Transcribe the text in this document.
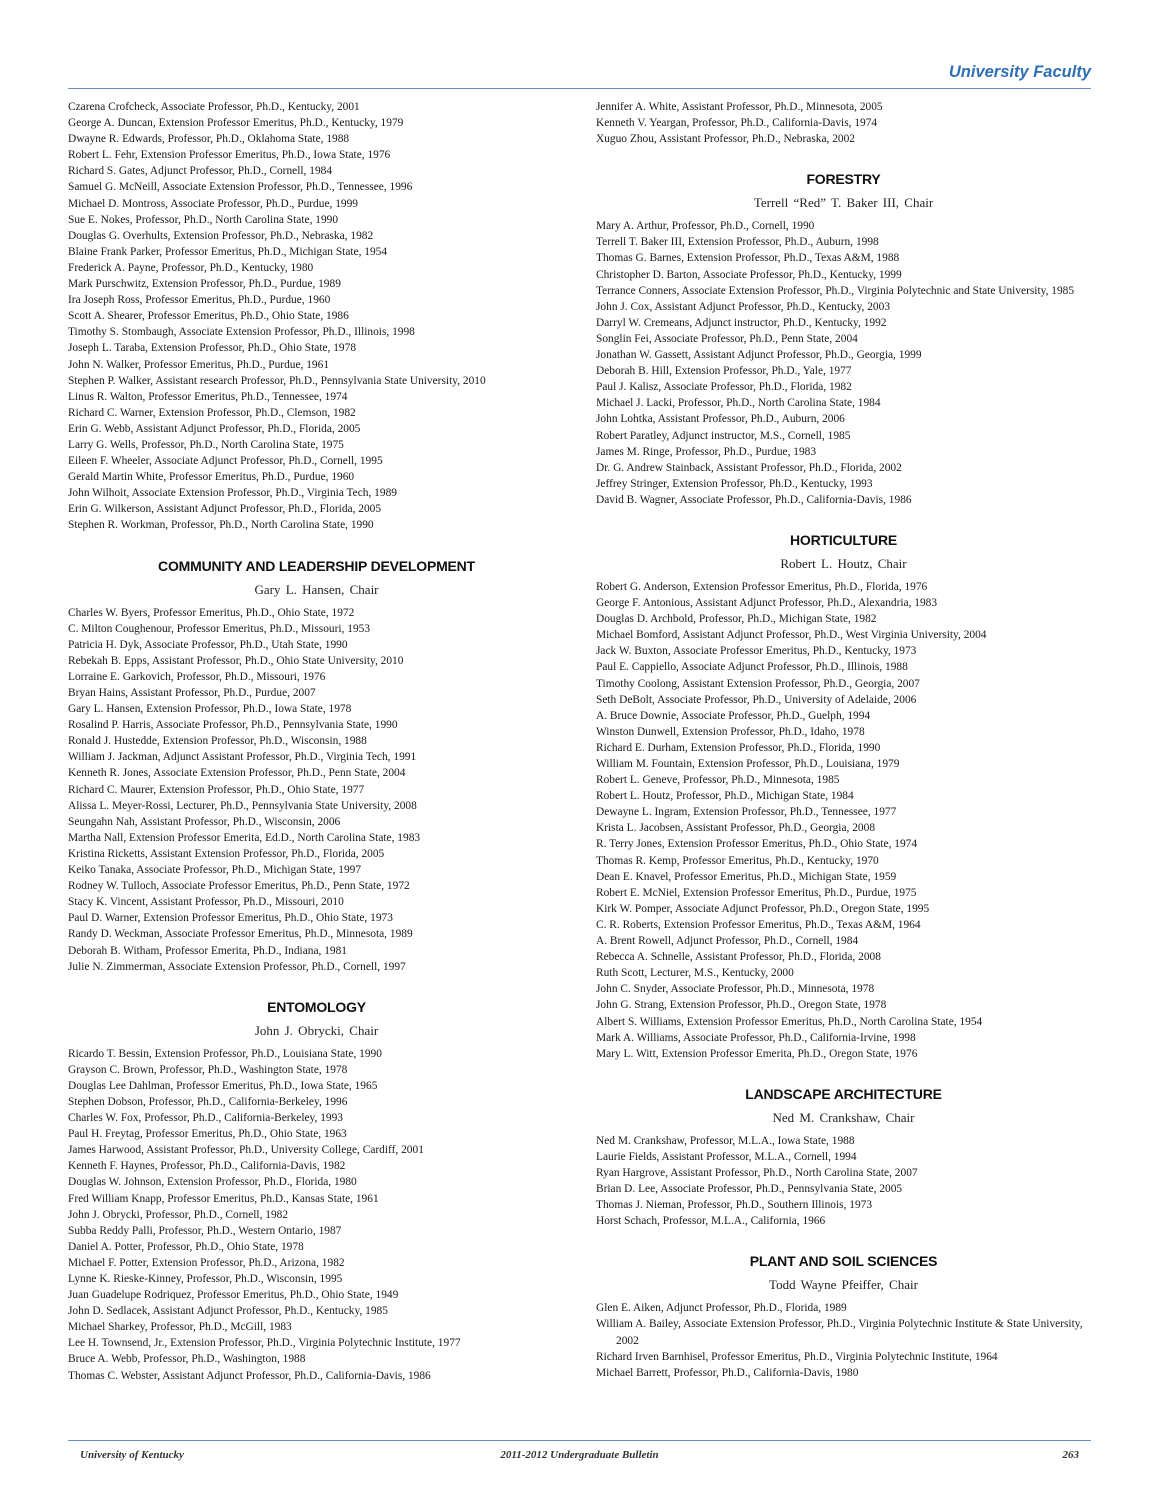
University Faculty
Czarena Crofcheck, Associate Professor, Ph.D., Kentucky, 2001
George A. Duncan, Extension Professor Emeritus, Ph.D., Kentucky, 1979
Dwayne R. Edwards, Professor, Ph.D., Oklahoma State, 1988
Robert L. Fehr, Extension Professor Emeritus, Ph.D., Iowa State, 1976
Richard S. Gates, Adjunct Professor, Ph.D., Cornell, 1984
Samuel G. McNeill, Associate Extension Professor, Ph.D., Tennessee, 1996
Michael D. Montross, Associate Professor, Ph.D., Purdue, 1999
Sue E. Nokes, Professor, Ph.D., North Carolina State, 1990
Douglas G. Overhults, Extension Professor, Ph.D., Nebraska, 1982
Blaine Frank Parker, Professor Emeritus, Ph.D., Michigan State, 1954
Frederick A. Payne, Professor, Ph.D., Kentucky, 1980
Mark Purschwitz, Extension Professor, Ph.D., Purdue, 1989
Ira Joseph Ross, Professor Emeritus, Ph.D., Purdue, 1960
Scott A. Shearer, Professor Emeritus, Ph.D., Ohio State, 1986
Timothy S. Stombaugh, Associate Extension Professor, Ph.D., Illinois, 1998
Joseph L. Taraba, Extension Professor, Ph.D., Ohio State, 1978
John N. Walker, Professor Emeritus, Ph.D., Purdue, 1961
Stephen P. Walker, Assistant research Professor, Ph.D., Pennsylvania State University, 2010
Linus R. Walton, Professor Emeritus, Ph.D., Tennessee, 1974
Richard C. Warner, Extension Professor, Ph.D., Clemson, 1982
Erin G. Webb, Assistant Adjunct Professor, Ph.D., Florida, 2005
Larry G. Wells, Professor, Ph.D., North Carolina State, 1975
Eileen F. Wheeler, Associate Adjunct Professor, Ph.D., Cornell, 1995
Gerald Martin White, Professor Emeritus, Ph.D., Purdue, 1960
John Wilhoit, Associate Extension Professor, Ph.D., Virginia Tech, 1989
Erin G. Wilkerson, Assistant Adjunct Professor, Ph.D., Florida, 2005
Stephen R. Workman, Professor, Ph.D., North Carolina State, 1990
COMMUNITY AND LEADERSHIP DEVELOPMENT
Gary L. Hansen, Chair
Charles W. Byers, Professor Emeritus, Ph.D., Ohio State, 1972
C. Milton Coughenour, Professor Emeritus, Ph.D., Missouri, 1953
Patricia H. Dyk, Associate Professor, Ph.D., Utah State, 1990
Rebekah B. Epps, Assistant Professor, Ph.D., Ohio State University, 2010
Lorraine E. Garkovich, Professor, Ph.D., Missouri, 1976
Bryan Hains, Assistant Professor, Ph.D., Purdue, 2007
Gary L. Hansen, Extension Professor, Ph.D., Iowa State, 1978
Rosalind P. Harris, Associate Professor, Ph.D., Pennsylvania State, 1990
Ronald J. Hustedde, Extension Professor, Ph.D., Wisconsin, 1988
William J. Jackman, Adjunct Assistant Professor, Ph.D., Virginia Tech, 1991
Kenneth R. Jones, Associate Extension Professor, Ph.D., Penn State, 2004
Richard C. Maurer, Extension Professor, Ph.D., Ohio State, 1977
Alissa L. Meyer-Rossi, Lecturer, Ph.D., Pennsylvania State University, 2008
Seungahn Nah, Assistant Professor, Ph.D., Wisconsin, 2006
Martha Nall, Extension Professor Emerita, Ed.D., North Carolina State, 1983
Kristina Ricketts, Assistant Extension Professor, Ph.D., Florida, 2005
Keiko Tanaka, Associate Professor, Ph.D., Michigan State, 1997
Rodney W. Tulloch, Associate Professor Emeritus, Ph.D., Penn State, 1972
Stacy K. Vincent, Assistant Professor, Ph.D., Missouri, 2010
Paul D. Warner, Extension Professor Emeritus, Ph.D., Ohio State, 1973
Randy D. Weckman, Associate Professor Emeritus, Ph.D., Minnesota, 1989
Deborah B. Witham, Professor Emerita, Ph.D., Indiana, 1981
Julie N. Zimmerman, Associate Extension Professor, Ph.D., Cornell, 1997
ENTOMOLOGY
John J. Obrycki, Chair
Ricardo T. Bessin, Extension Professor, Ph.D., Louisiana State, 1990
Grayson C. Brown, Professor, Ph.D., Washington State, 1978
Douglas Lee Dahlman, Professor Emeritus, Ph.D., Iowa State, 1965
Stephen Dobson, Professor, Ph.D., California-Berkeley, 1996
Charles W. Fox, Professor, Ph.D., California-Berkeley, 1993
Paul H. Freytag, Professor Emeritus, Ph.D., Ohio State, 1963
James Harwood, Assistant Professor, Ph.D., University College, Cardiff, 2001
Kenneth F. Haynes, Professor, Ph.D., California-Davis, 1982
Douglas W. Johnson, Extension Professor, Ph.D., Florida, 1980
Fred William Knapp, Professor Emeritus, Ph.D., Kansas State, 1961
John J. Obrycki, Professor, Ph.D., Cornell, 1982
Subba Reddy Palli, Professor, Ph.D., Western Ontario, 1987
Daniel A. Potter, Professor, Ph.D., Ohio State, 1978
Michael F. Potter, Extension Professor, Ph.D., Arizona, 1982
Lynne K. Rieske-Kinney, Professor, Ph.D., Wisconsin, 1995
Juan Guadelupe Rodriquez, Professor Emeritus, Ph.D., Ohio State, 1949
John D. Sedlacek, Assistant Adjunct Professor, Ph.D., Kentucky, 1985
Michael Sharkey, Professor, Ph.D., McGill, 1983
Lee H. Townsend, Jr., Extension Professor, Ph.D., Virginia Polytechnic Institute, 1977
Bruce A. Webb, Professor, Ph.D., Washington, 1988
Thomas C. Webster, Assistant Adjunct Professor, Ph.D., California-Davis, 1986
Jennifer A. White, Assistant Professor, Ph.D., Minnesota, 2005
Kenneth V. Yeargan, Professor, Ph.D., California-Davis, 1974
Xuguo Zhou, Assistant Professor, Ph.D., Nebraska, 2002
FORESTRY
Terrell “Red” T. Baker III, Chair
Mary A. Arthur, Professor, Ph.D., Cornell, 1990
Terrell T. Baker III, Extension Professor, Ph.D., Auburn, 1998
Thomas G. Barnes, Extension Professor, Ph.D., Texas A&M, 1988
Christopher D. Barton, Associate Professor, Ph.D., Kentucky, 1999
Terrance Conners, Associate Extension Professor, Ph.D., Virginia Polytechnic and State University, 1985
John J. Cox, Assistant Adjunct Professor, Ph.D., Kentucky, 2003
Darryl W. Cremeans, Adjunct instructor, Ph.D., Kentucky, 1992
Songlin Fei, Associate Professor, Ph.D., Penn State, 2004
Jonathan W. Gassett, Assistant Adjunct Professor, Ph.D., Georgia, 1999
Deborah B. Hill, Extension Professor, Ph.D., Yale, 1977
Paul J. Kalisz, Associate Professor, Ph.D., Florida, 1982
Michael J. Lacki, Professor, Ph.D., North Carolina State, 1984
John Lohtka, Assistant Professor, Ph.D., Auburn, 2006
Robert Paratley, Adjunct instructor, M.S., Cornell, 1985
James M. Ringe, Professor, Ph.D., Purdue, 1983
Dr. G. Andrew Stainback, Assistant Professor, Ph.D., Florida, 2002
Jeffrey Stringer, Extension Professor, Ph.D., Kentucky, 1993
David B. Wagner, Associate Professor, Ph.D., California-Davis, 1986
HORTICULTURE
Robert L. Houtz, Chair
Robert G. Anderson, Extension Professor Emeritus, Ph.D., Florida, 1976
George F. Antonious, Assistant Adjunct Professor, Ph.D., Alexandria, 1983
Douglas D. Archbold, Professor, Ph.D., Michigan State, 1982
Michael Bomford, Assistant Adjunct Professor, Ph.D., West Virginia University, 2004
Jack W. Buxton, Associate Professor Emeritus, Ph.D., Kentucky, 1973
Paul E. Cappiello, Associate Adjunct Professor, Ph.D., Illinois, 1988
Timothy Coolong, Assistant Extension Professor, Ph.D., Georgia, 2007
Seth DeBolt, Associate Professor, Ph.D., University of Adelaide, 2006
A. Bruce Downie, Associate Professor, Ph.D., Guelph, 1994
Winston Dunwell, Extension Professor, Ph.D., Idaho, 1978
Richard E. Durham, Extension Professor, Ph.D., Florida, 1990
William M. Fountain, Extension Professor, Ph.D., Louisiana, 1979
Robert L. Geneve, Professor, Ph.D., Minnesota, 1985
Robert L. Houtz, Professor, Ph.D., Michigan State, 1984
Dewayne L. Ingram, Extension Professor, Ph.D., Tennessee, 1977
Krista L. Jacobsen, Assistant Professor, Ph.D., Georgia, 2008
R. Terry Jones, Extension Professor Emeritus, Ph.D., Ohio State, 1974
Thomas R. Kemp, Professor Emeritus, Ph.D., Kentucky, 1970
Dean E. Knavel, Professor Emeritus, Ph.D., Michigan State, 1959
Robert E. McNiel, Extension Professor Emeritus, Ph.D., Purdue, 1975
Kirk W. Pomper, Associate Adjunct Professor, Ph.D., Oregon State, 1995
C. R. Roberts, Extension Professor Emeritus, Ph.D., Texas A&M, 1964
A. Brent Rowell, Adjunct Professor, Ph.D., Cornell, 1984
Rebecca A. Schnelle, Assistant Professor, Ph.D., Florida, 2008
Ruth Scott, Lecturer, M.S., Kentucky, 2000
John C. Snyder, Associate Professor, Ph.D., Minnesota, 1978
John G. Strang, Extension Professor, Ph.D., Oregon State, 1978
Albert S. Williams, Extension Professor Emeritus, Ph.D., North Carolina State, 1954
Mark A. Williams, Associate Professor, Ph.D., California-Irvine, 1998
Mary L. Witt, Extension Professor Emerita, Ph.D., Oregon State, 1976
LANDSCAPE ARCHITECTURE
Ned M. Crankshaw, Chair
Ned M. Crankshaw, Professor, M.L.A., Iowa State, 1988
Laurie Fields, Assistant Professor, M.L.A., Cornell, 1994
Ryan Hargrove, Assistant Professor, Ph.D., North Carolina State, 2007
Brian D. Lee, Associate Professor, Ph.D., Pennsylvania State, 2005
Thomas J. Nieman, Professor, Ph.D., Southern Illinois, 1973
Horst Schach, Professor, M.L.A., California, 1966
PLANT AND SOIL SCIENCES
Todd Wayne Pfeiffer, Chair
Glen E. Aiken, Adjunct Professor, Ph.D., Florida, 1989
William A. Bailey, Associate Extension Professor, Ph.D., Virginia Polytechnic Institute & State University, 2002
Richard Irven Barnhisel, Professor Emeritus, Ph.D., Virginia Polytechnic Institute, 1964
Michael Barrett, Professor, Ph.D., California-Davis, 1980
University of Kentucky	2011-2012 Undergraduate Bulletin	263
